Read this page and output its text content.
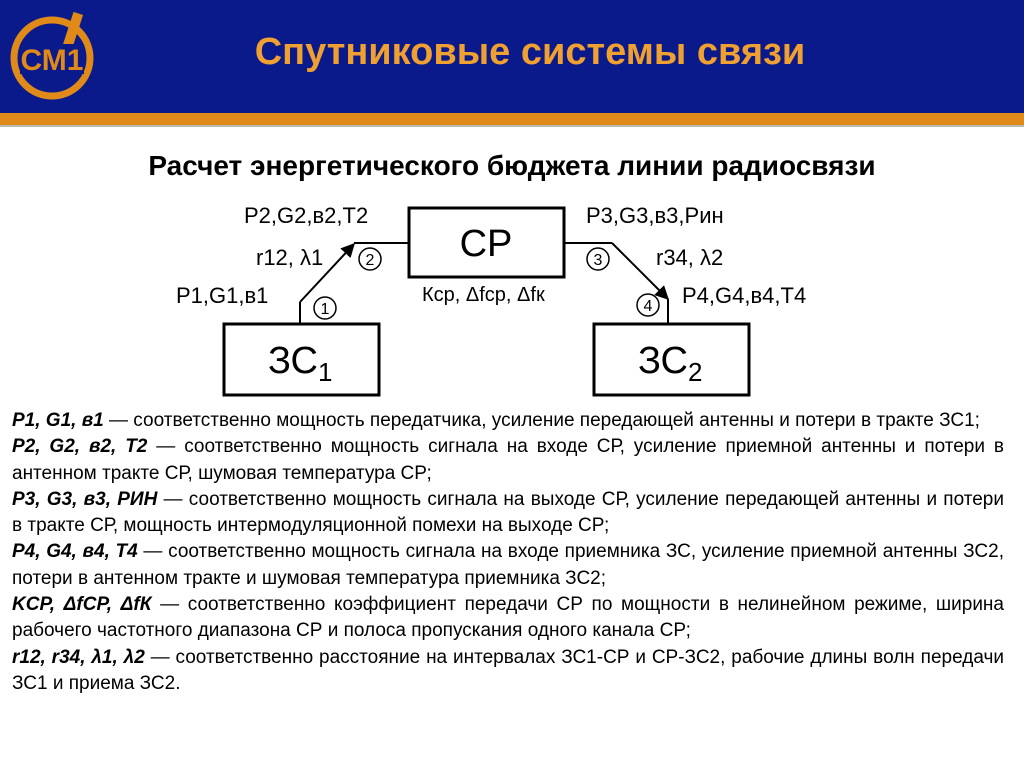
СМ1	Спутниковые системы связи
Расчет энергетического бюджета линии радиосвязи
СР
$ЗС_1$	$ЗС_2$
1
2	3
4
P1,G1,в1
P2,G2,в2,T2	P3,G3,в3,Pин
P4,G4,в4,T4
r12, λ1	r34, λ2
Кср, Δfср, Δfк

P1, G1, в1 — соответственно мощность передатчика, усиление передающей антенны и потери в тракте ЗС1;

P2, G2, в2, T2 — соответственно мощность сигнала на входе СР, усиление приемной антенны и потери в антенном тракте СР, шумовая температура СР;

P3, G3, в3, PИН — соответственно мощность сигнала на выходе СР, усиление передающей антенны и потери в тракте СР, мощность интермодуляционной помехи на выходе СР;

P4, G4, в4, T4 — соответственно мощность сигнала на входе приемника ЗС, усиление приемной антенны ЗС2, потери в антенном тракте и шумовая температура приемника ЗС2;

KСР, ΔfСР, ΔfК — соответственно коэффициент передачи СР по мощности в нелинейном режиме, ширина рабочего частотного диапазона СР и полоса пропускания одного канала СР;

r12, r34, λ1, λ2 — соответственно расстояние на интервалах ЗС1-СР и СР-ЗС2, рабочие длины волн передачи ЗС1 и приема ЗС2.
